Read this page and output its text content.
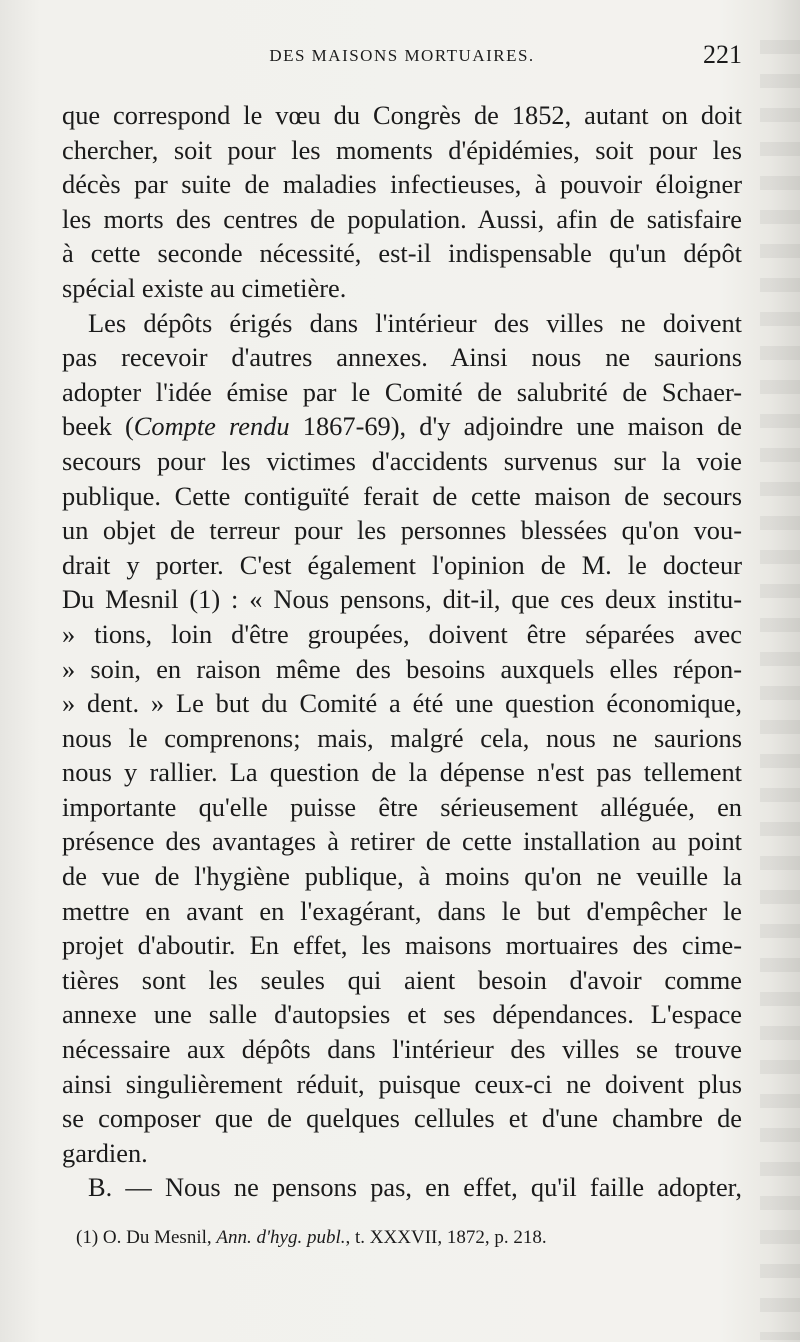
DES MAISONS MORTUAIRES.	221

que correspond le vœu du Congrès de 1852, autant on doit
chercher, soit pour les moments d'épidémies, soit pour les
décès par suite de maladies infectieuses, à pouvoir éloigner
les morts des centres de population. Aussi, afin de satisfaire
à cette seconde nécessité, est-il indispensable qu'un dépôt
spécial existe au cimetière.

Les dépôts érigés dans l'intérieur des villes ne doivent
pas recevoir d'autres annexes. Ainsi nous ne saurions
adopter l'idée émise par le Comité de salubrité de Schaer-
beek (Compte rendu 1867-69), d'y adjoindre une maison de
secours pour les victimes d'accidents survenus sur la voie
publique. Cette contiguïté ferait de cette maison de secours
un objet de terreur pour les personnes blessées qu'on vou-
drait y porter. C'est également l'opinion de M. le docteur
Du Mesnil (1) : « Nous pensons, dit-il, que ces deux institu-
» tions, loin d'être groupées, doivent être séparées avec
» soin, en raison même des besoins auxquels elles répon-
» dent. » Le but du Comité a été une question économique,
nous le comprenons; mais, malgré cela, nous ne saurions
nous y rallier. La question de la dépense n'est pas tellement
importante qu'elle puisse être sérieusement alléguée, en
présence des avantages à retirer de cette installation au point
de vue de l'hygiène publique, à moins qu'on ne veuille la
mettre en avant en l'exagérant, dans le but d'empêcher le
projet d'aboutir. En effet, les maisons mortuaires des cime-
tières sont les seules qui aient besoin d'avoir comme
annexe une salle d'autopsies et ses dépendances. L'espace
nécessaire aux dépôts dans l'intérieur des villes se trouve
ainsi singulièrement réduit, puisque ceux-ci ne doivent plus
se composer que de quelques cellules et d'une chambre de
gardien.

B. — Nous ne pensons pas, en effet, qu'il faille adopter,

(1) O. Du Mesnil, Ann. d'hyg. publ., t. XXXVII, 1872, p. 218.
